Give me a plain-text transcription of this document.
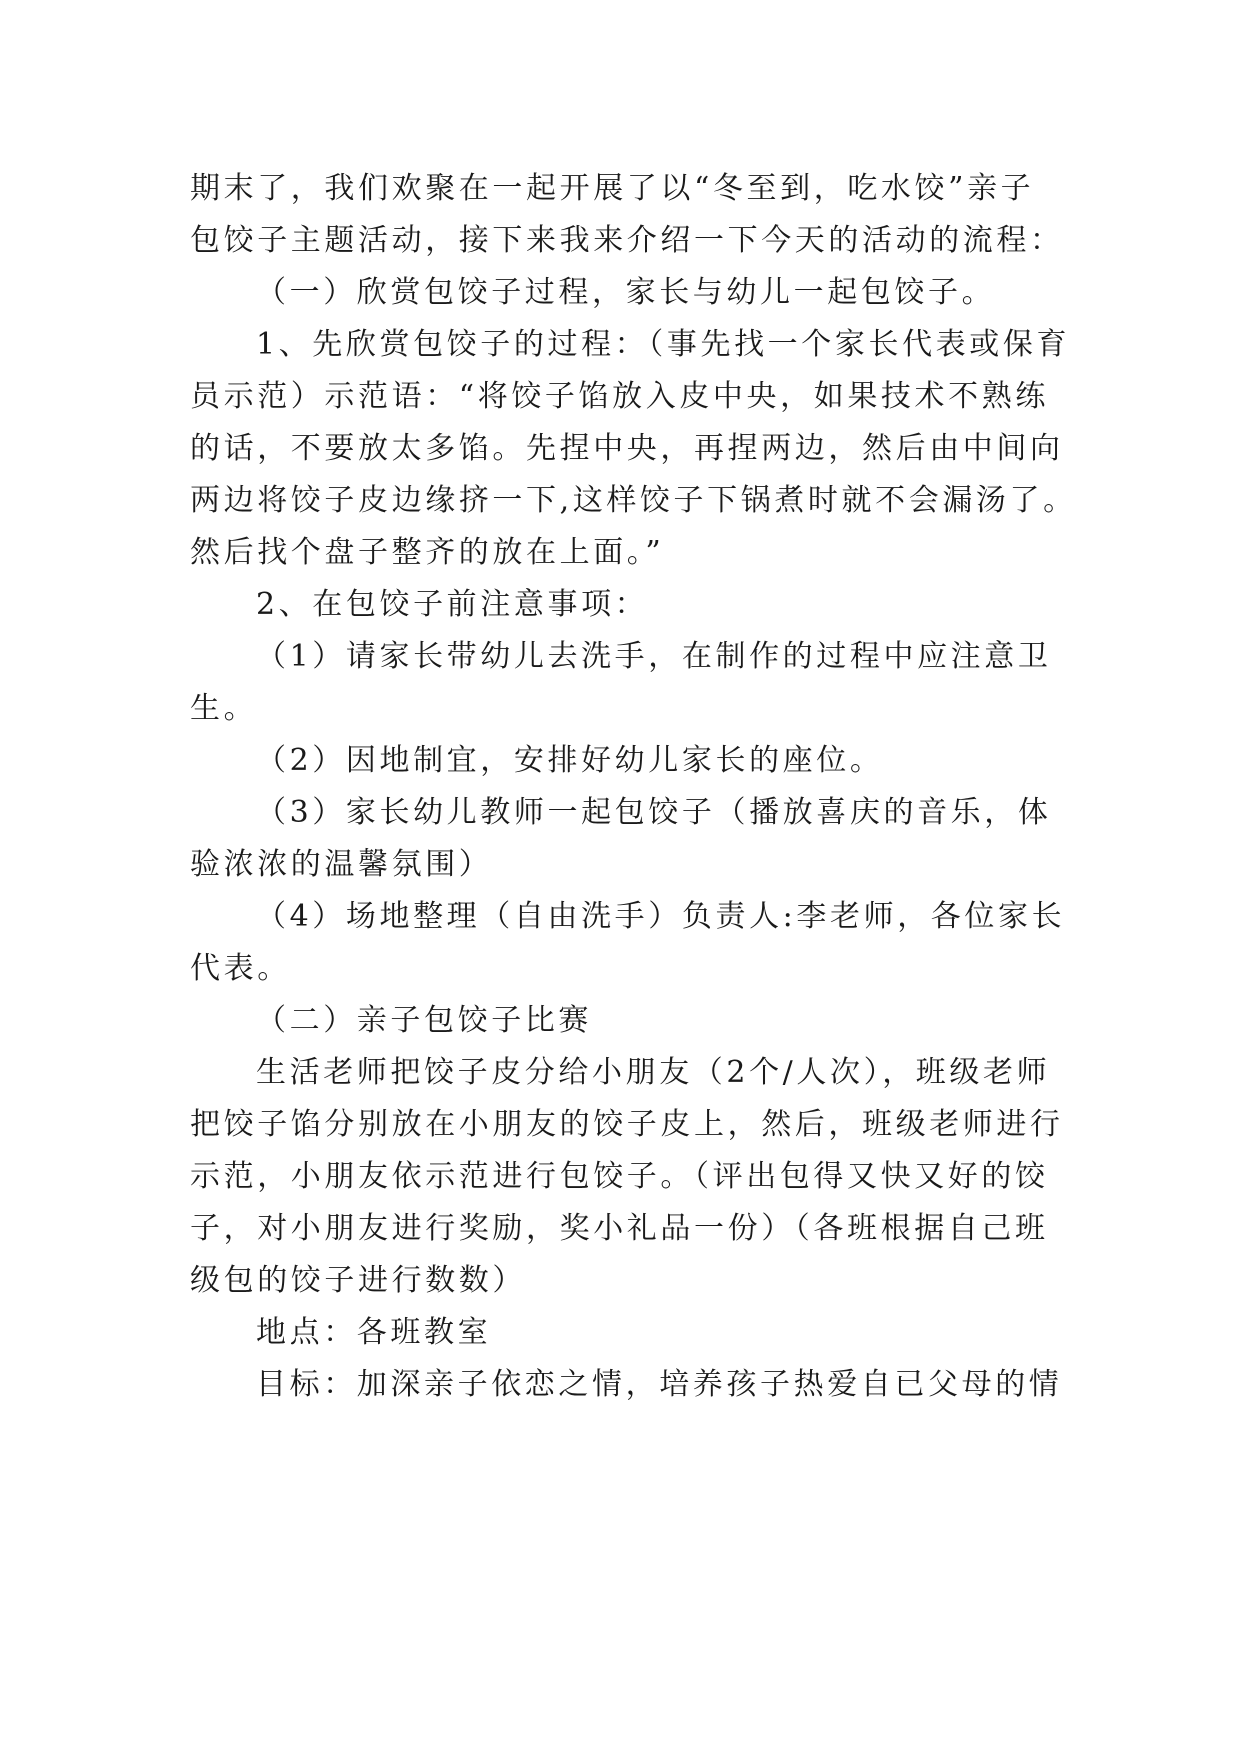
期末了，我们欢聚在一起开展了以“冬至到，吃水饺”亲子
包饺子主题活动，接下来我来介绍一下今天的活动的流程：
（一）欣赏包饺子过程，家长与幼儿一起包饺子。
1、先欣赏包饺子的过程：（事先找一个家长代表或保育
员示范）示范语：“将饺子馅放入皮中央，如果技术不熟练
的话，不要放太多馅。先捏中央，再捏两边，然后由中间向
两边将饺子皮边缘挤一下,这样饺子下锅煮时就不会漏汤了。
然后找个盘子整齐的放在上面。”
2、在包饺子前注意事项：
（1）请家长带幼儿去洗手，在制作的过程中应注意卫
生。
（2）因地制宜，安排好幼儿家长的座位。
（3）家长幼儿教师一起包饺子（播放喜庆的音乐，体
验浓浓的温馨氛围）
（4）场地整理（自由洗手）负责人:李老师，各位家长
代表。
（二）亲子包饺子比赛
生活老师把饺子皮分给小朋友（2个/人次），班级老师
把饺子馅分别放在小朋友的饺子皮上，然后，班级老师进行
示范，小朋友依示范进行包饺子。（评出包得又快又好的饺
子，对小朋友进行奖励，奖小礼品一份）（各班根据自己班
级包的饺子进行数数）
地点：各班教室
目标：加深亲子依恋之情，培养孩子热爱自已父母的情
